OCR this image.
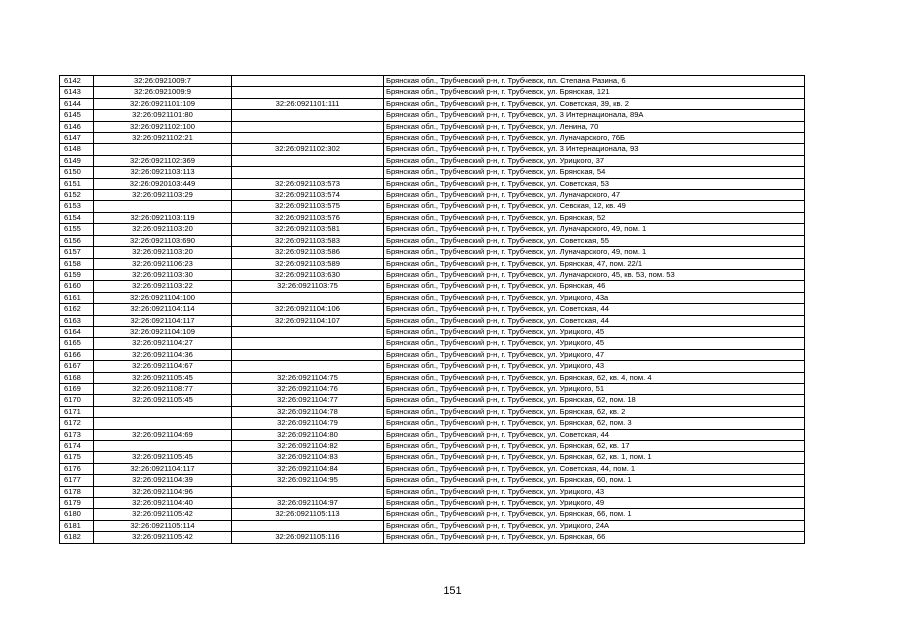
6142	32:26:0921009:7		Брянская обл., Трубчевский р-н, г. Трубчевск, пл. Степана Разина, 6
6143	32:26:0921009:9		Брянская обл., Трубчевский р-н, г. Трубчевск, ул. Брянская, 121
6144	32:26:0921101:109	32:26:0921101:111	Брянская обл., Трубчевский р-н, г. Трубчевск, ул. Советская, 39, кв. 2
6145	32:26:0921101:80		Брянская обл., Трубчевский р-н, г. Трубчевск, ул. 3 Интернационала, 89А
6146	32:26:0921102:100		Брянская обл., Трубчевский р-н, г. Трубчевск, ул. Ленина, 70
6147	32:26:0921102:21		Брянская обл., Трубчевский р-н, г. Трубчевск, ул. Луначарского, 76Б
6148		32:26:0921102:302	Брянская обл., Трубчевский р-н, г. Трубчевск, ул. 3 Интернационала, 93
6149	32:26:0921102:369		Брянская обл., Трубчевский р-н, г. Трубчевск, ул. Урицкого, 37
6150	32:26:0921103:113		Брянская обл., Трубчевский р-н, г. Трубчевск, ул. Брянская, 54
6151	32:26:0920103:449	32:26:0921103:573	Брянская обл., Трубчевский р-н, г. Трубчевск, ул. Советская, 53
6152	32:26:0921103:29	32:26:0921103:574	Брянская обл., Трубчевский р-н, г. Трубчевск, ул. Луначарского, 47
6153		32:26:0921103:575	Брянская обл., Трубчевский р-н, г. Трубчевск, ул. Севская, 12, кв. 49
6154	32:26:0921103:119	32:26:0921103:576	Брянская обл., Трубчевский р-н, г. Трубчевск, ул. Брянская, 52
6155	32:26:0921103:20	32:26:0921103:581	Брянская обл., Трубчевский р-н, г. Трубчевск, ул. Луначарского, 49, пом. 1
6156	32:26:0921103:690	32:26:0921103:583	Брянская обл., Трубчевский р-н, г. Трубчевск, ул. Советская, 55
6157	32:26:0921103:20	32:26:0921103:586	Брянская обл., Трубчевский р-н, г. Трубчевск, ул. Луначарского, 49, пом. 1
6158	32:26:0921106:23	32:26:0921103:589	Брянская обл., Трубчевский р-н, г. Трубчевск, ул. Брянская, 47, пом. 22/1
6159	32:26:0921103:30	32:26:0921103:630	Брянская обл., Трубчевский р-н, г. Трубчевск, ул. Луначарского, 45, кв. 53, пом. 53
6160	32:26:0921103:22	32:26:0921103:75	Брянская обл., Трубчевский р-н, г. Трубчевск, ул. Брянская, 46
6161	32:26:0921104:100		Брянская обл., Трубчевский р-н, г. Трубчевск, ул. Урицкого, 43а
6162	32:26:0921104:114	32:26:0921104:106	Брянская обл., Трубчевский р-н, г. Трубчевск, ул. Советская, 44
6163	32:26:0921104:117	32:26:0921104:107	Брянская обл., Трубчевский р-н, г. Трубчевск, ул. Советская, 44
6164	32:26:0921104:109		Брянская обл., Трубчевский р-н, г. Трубчевск, ул. Урицкого, 45
6165	32:26:0921104:27		Брянская обл., Трубчевский р-н, г. Трубчевск, ул. Урицкого, 45
6166	32:26:0921104:36		Брянская обл., Трубчевский р-н, г. Трубчевск, ул. Урицкого, 47
6167	32:26:0921104:67		Брянская обл., Трубчевский р-н, г. Трубчевск, ул. Урицкого, 43
6168	32:26:0921105:45	32:26:0921104:75	Брянская обл., Трубчевский р-н, г. Трубчевск, ул. Брянская, 62, кв. 4, пом. 4
6169	32:26:0921108:77	32:26:0921104:76	Брянская обл., Трубчевский р-н, г. Трубчевск, ул. Урицкого, 51
6170	32:26:0921105:45	32:26:0921104:77	Брянская обл., Трубчевский р-н, г. Трубчевск, ул. Брянская, 62, пом. 18
6171		32:26:0921104:78	Брянская обл., Трубчевский р-н, г. Трубчевск, ул. Брянская, 62, кв. 2
6172		32:26:0921104:79	Брянская обл., Трубчевский р-н, г. Трубчевск, ул. Брянская, 62, пом. 3
6173	32:26:0921104:69	32:26:0921104:80	Брянская обл., Трубчевский р-н, г. Трубчевск, ул. Советская, 44
6174		32:26:0921104:82	Брянская обл., Трубчевский р-н, г. Трубчевск, ул. Брянская, 62, кв. 17
6175	32:26:0921105:45	32:26:0921104:83	Брянская обл., Трубчевский р-н, г. Трубчевск, ул. Брянская, 62, кв. 1, пом. 1
6176	32:26:0921104:117	32:26:0921104:84	Брянская обл., Трубчевский р-н, г. Трубчевск, ул. Советская, 44, пом. 1
6177	32:26:0921104:39	32:26:0921104:95	Брянская обл., Трубчевский р-н, г. Трубчевск, ул. Брянская, 60, пом. 1
6178	32:26:0921104:96		Брянская обл., Трубчевский р-н, г. Трубчевск, ул. Урицкого, 43
6179	32:26:0921104:40	32:26:0921104:97	Брянская обл., Трубчевский р-н, г. Трубчевск, ул. Урицкого, 49
6180	32:26:0921105:42	32:26:0921105:113	Брянская обл., Трубчевский р-н, г. Трубчевск, ул. Брянская, 66, пом. 1
6181	32:26:0921105:114		Брянская обл., Трубчевский р-н, г. Трубчевск, ул. Урицкого, 24А
6182	32:26:0921105:42	32:26:0921105:116	Брянская обл., Трубчевский р-н, г. Трубчевск, ул. Брянская, 66
151
